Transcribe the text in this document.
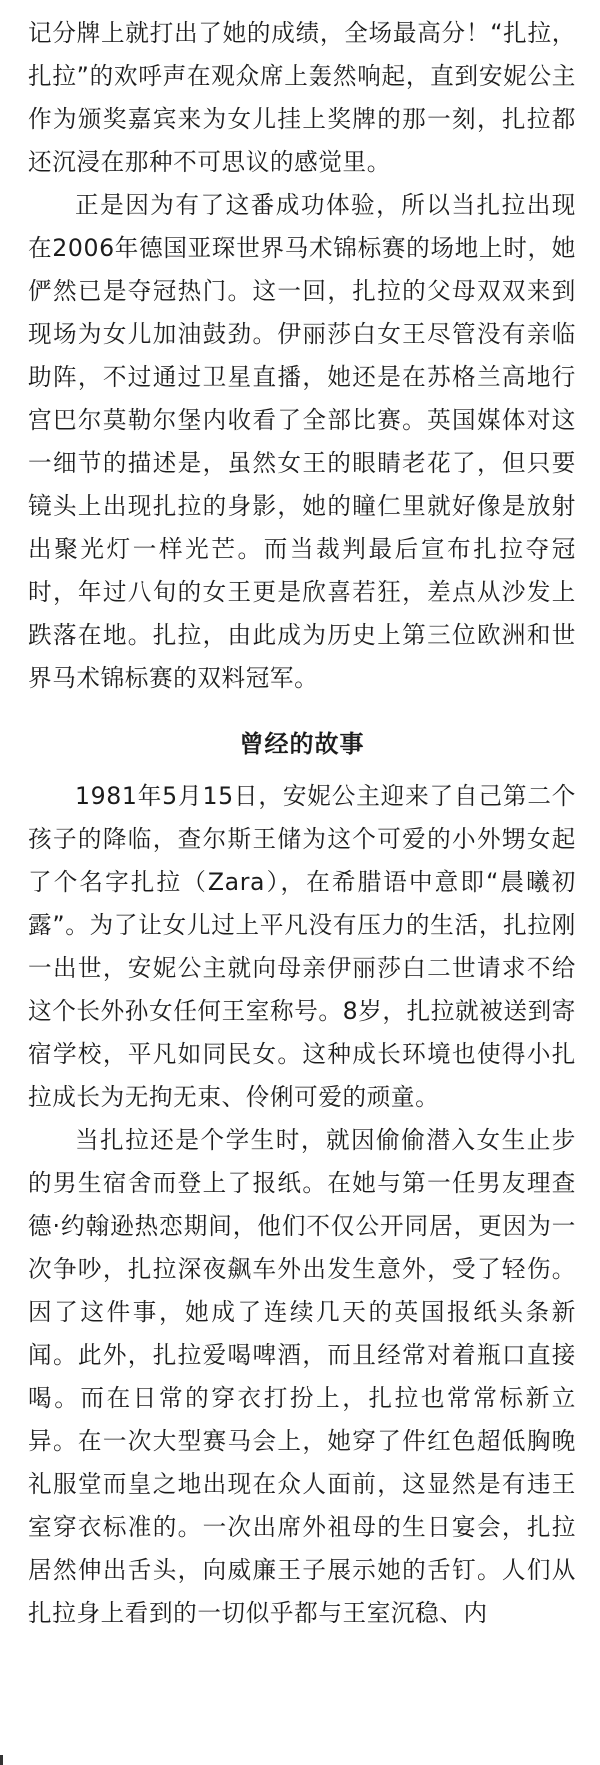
记分牌上就打出了她的成绩，全场最高分！“扎拉，扎拉”的欢呼声在观众席上轰然响起，直到安妮公主作为颁奖嘉宾来为女儿挂上奖牌的那一刻，扎拉都还沉浸在那种不可思议的感觉里。

正是因为有了这番成功体验，所以当扎拉出现在2006年德国亚琛世界马术锦标赛的场地上时，她俨然已是夺冠热门。这一回，扎拉的父母双双来到现场为女儿加油鼓劲。伊丽莎白女王尽管没有亲临助阵，不过通过卫星直播，她还是在苏格兰高地行宫巴尔莫勒尔堡内收看了全部比赛。英国媒体对这一细节的描述是，虽然女王的眼睛老花了，但只要镜头上出现扎拉的身影，她的瞳仁里就好像是放射出聚光灯一样光芒。而当裁判最后宣布扎拉夺冠时，年过八旬的女王更是欣喜若狂，差点从沙发上跌落在地。扎拉，由此成为历史上第三位欧洲和世界马术锦标赛的双料冠军。

曾经的故事

1981年5月15日，安妮公主迎来了自己第二个孩子的降临，查尔斯王储为这个可爱的小外甥女起了个名字扎拉（Zara），在希腊语中意即“晨曦初露”。为了让女儿过上平凡没有压力的生活，扎拉刚一出世，安妮公主就向母亲伊丽莎白二世请求不给这个长外孙女任何王室称号。8岁，扎拉就被送到寄宿学校，平凡如同民女。这种成长环境也使得小扎拉成长为无拘无束、伶俐可爱的顽童。

当扎拉还是个学生时，就因偷偷潜入女生止步的男生宿舍而登上了报纸。在她与第一任男友理查德·约翰逊热恋期间，他们不仅公开同居，更因为一次争吵，扎拉深夜飙车外出发生意外，受了轻伤。因了这件事，她成了连续几天的英国报纸头条新闻。此外，扎拉爱喝啤酒，而且经常对着瓶口直接喝。而在日常的穿衣打扮上，扎拉也常常标新立异。在一次大型赛马会上，她穿了件红色超低胸晚礼服堂而皇之地出现在众人面前，这显然是有违王室穿衣标准的。一次出席外祖母的生日宴会，扎拉居然伸出舌头，向威廉王子展示她的舌钉。人们从扎拉身上看到的一切似乎都与王室沉稳、内
